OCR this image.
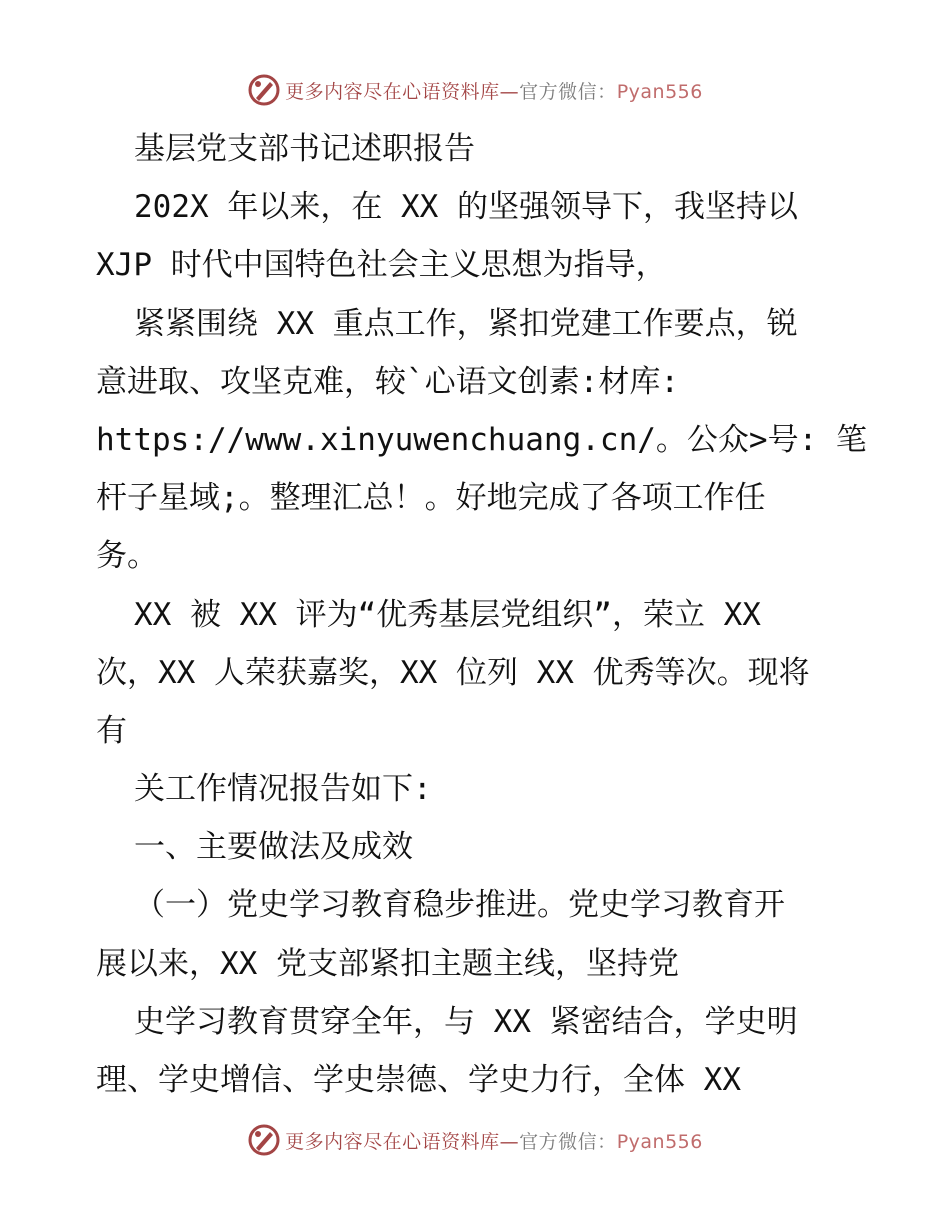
更多内容尽在心语资料库—官方微信：Pyan556
基层党支部书记述职报告
202X 年以来，在 XX 的坚强领导下，我坚持以
XJP 时代中国特色社会主义思想为指导，
紧紧围绕 XX 重点工作，紧扣党建工作要点，锐
意进取、攻坚克难，较`心语文创素:材库:
https://www.xinyuwenchuang.cn/。公众>号: 笔
杆子星域;。整理汇总！。好地完成了各项工作任
务。
XX 被 XX 评为“优秀基层党组织”，荣立 XX
次，XX 人荣获嘉奖，XX 位列 XX 优秀等次。现将
有
关工作情况报告如下:
一、主要做法及成效
（一）党史学习教育稳步推进。党史学习教育开
展以来，XX 党支部紧扣主题主线，坚持党
史学习教育贯穿全年，与 XX 紧密结合，学史明
理、学史增信、学史崇德、学史力行，全体 XX
更多内容尽在心语资料库—官方微信：Pyan556
